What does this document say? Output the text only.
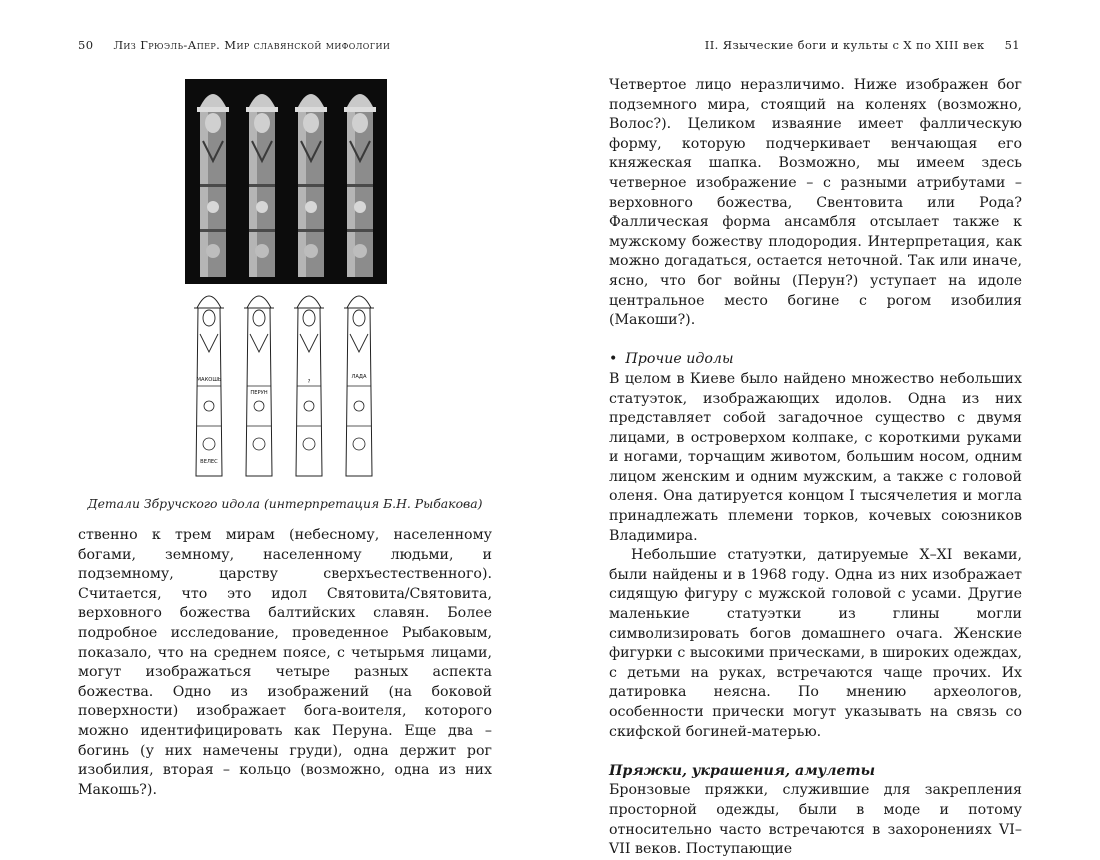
50 Лиз Грюэль-Апер. Мир славянской мифологии	II. Языческие боги и культы с X по XIII век 51
МАКОШЬ
ПЕРУН
?
ЛАДА
ВЕЛЕС
Детали Збручского идола (интерпретация Б.Н. Рыбакова)

ственно к трем мирам (небесному, населенному богами, земному, населенному людьми, и подземному, царству сверхъестественного). Считается, что это идол Святовита/Святовита, верховного божества балтийских славян. Более подробное исследование, проведенное Рыбаковым, показало, что на среднем поясе, с четырьмя лицами, могут изображаться четыре разных аспекта божества. Одно из изображений (на боковой поверхности) изображает бога-воителя, которого можно идентифицировать как Перуна. Еще два – богинь (у них намечены груди), одна держит рог изобилия, вторая – кольцо (возможно, одна из них Макошь?).

Четвертое лицо неразличимо. Ниже изображен бог подземного мира, стоящий на коленях (возможно, Волос?). Целиком изваяние имеет фаллическую форму, которую подчеркивает венчающая его княжеская шапка. Возможно, мы имеем здесь четверное изображение – с разными атрибутами – верховного божества, Свентовита или Рода? Фаллическая форма ансамбля отсылает также к мужскому божеству плодородия. Интерпретация, как можно догадаться, остается неточной. Так или иначе, ясно, что бог войны (Перун?) уступает на идоле центральное место богине с рогом изобилия (Макоши?).

• Прочие идолы

В целом в Киеве было найдено множество небольших статуэток, изображающих идолов. Одна из них представляет собой загадочное существо с двумя лицами, в островерхом колпаке, с короткими руками и ногами, торчащим животом, большим носом, одним лицом женским и одним мужским, а также с головой оленя. Она датируется концом I тысячелетия и могла принадлежать племени торков, кочевых союзников Владимира.

Небольшие статуэтки, датируемые X–XI веками, были найдены и в 1968 году. Одна из них изображает сидящую фигуру с мужской головой с усами. Другие маленькие статуэтки из глины могли символизировать богов домашнего очага. Женские фигурки с высокими прическами, в широких одеждах, с детьми на руках, встречаются чаще прочих. Их датировка неясна. По мнению археологов, особенности прически могут указывать на связь со скифской богиней-матерью.

Пряжки, украшения, амулеты

Бронзовые пряжки, служившие для закрепления просторной одежды, были в моде и потому относительно часто встречаются в захоронениях VI–VII веков. Поступающие
